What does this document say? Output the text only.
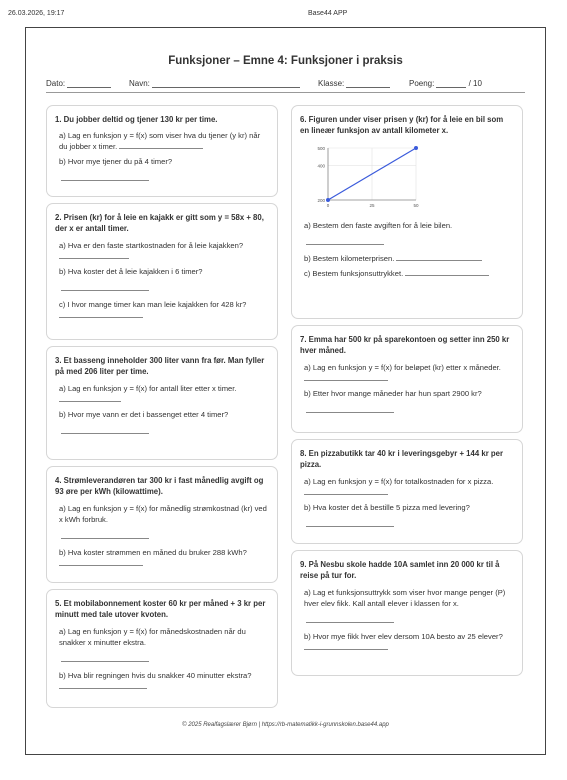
26.03.2026, 19:17	Base44 APP
Funksjoner – Emne 4: Funksjoner i praksis
Dato:	Navn:	Klasse:	Poeng:	/ 10
1. Du jobber deltid og tjener 130 kr per time.
a) Lag en funksjon y = f(x) som viser hva du tjener (y kr) når du jobber x timer.
b) Hvor mye tjener du på 4 timer?
2. Prisen (kr) for å leie en kajakk er gitt som y = 58x + 80, der x er antall timer.
a) Hva er den faste startkostnaden for å leie kajakken?
b) Hva koster det å leie kajakken i 6 timer?
c) I hvor mange timer kan man leie kajakken for 428 kr?
3. Et basseng inneholder 300 liter vann fra før. Man fyller på med 206 liter per time.
a) Lag en funksjon y = f(x) for antall liter etter x timer.
b) Hvor mye vann er det i bassenget etter 4 timer?
4. Strømleverandøren tar 300 kr i fast månedlig avgift og 93 øre per kWh (kilowattime).
a) Lag en funksjon y = f(x) for månedlig strømkostnad (kr) ved x kWh forbruk.
b) Hva koster strømmen en måned du bruker 288 kWh?
5. Et mobilabonnement koster 60 kr per måned + 3 kr per minutt med tale utover kvoten.
a) Lag en funksjon y = f(x) for månedskostnaden når du snakker x minutter ekstra.
b) Hva blir regningen hvis du snakker 40 minutter ekstra?
6. Figuren under viser prisen y (kr) for å leie en bil som en lineær funksjon av antall kilometer x.
200
400
500
0	25	50
a) Bestem den faste avgiften for å leie bilen.
b) Bestem kilometerprisen.
c) Bestem funksjonsuttrykket.
7. Emma har 500 kr på sparekontoen og setter inn 250 kr hver måned.
a) Lag en funksjon y = f(x) for beløpet (kr) etter x måneder.
b) Etter hvor mange måneder har hun spart 2900 kr?
8. En pizzabutikk tar 40 kr i leveringsgebyr + 144 kr per pizza.
a) Lag en funksjon y = f(x) for totalkostnaden for x pizza.
b) Hva koster det å bestille 5 pizza med levering?
9. På Nesbu skole hadde 10A samlet inn 20 000 kr til å reise på tur for.
a) Lag et funksjonsuttrykk som viser hvor mange penger (P) hver elev fikk. Kall antall elever i klassen for x.
b) Hvor mye fikk hver elev dersom 10A besto av 25 elever?
© 2025 Realfagslærer Bjørn | https://rb-matematikk-i-grunnskolen.base44.app
